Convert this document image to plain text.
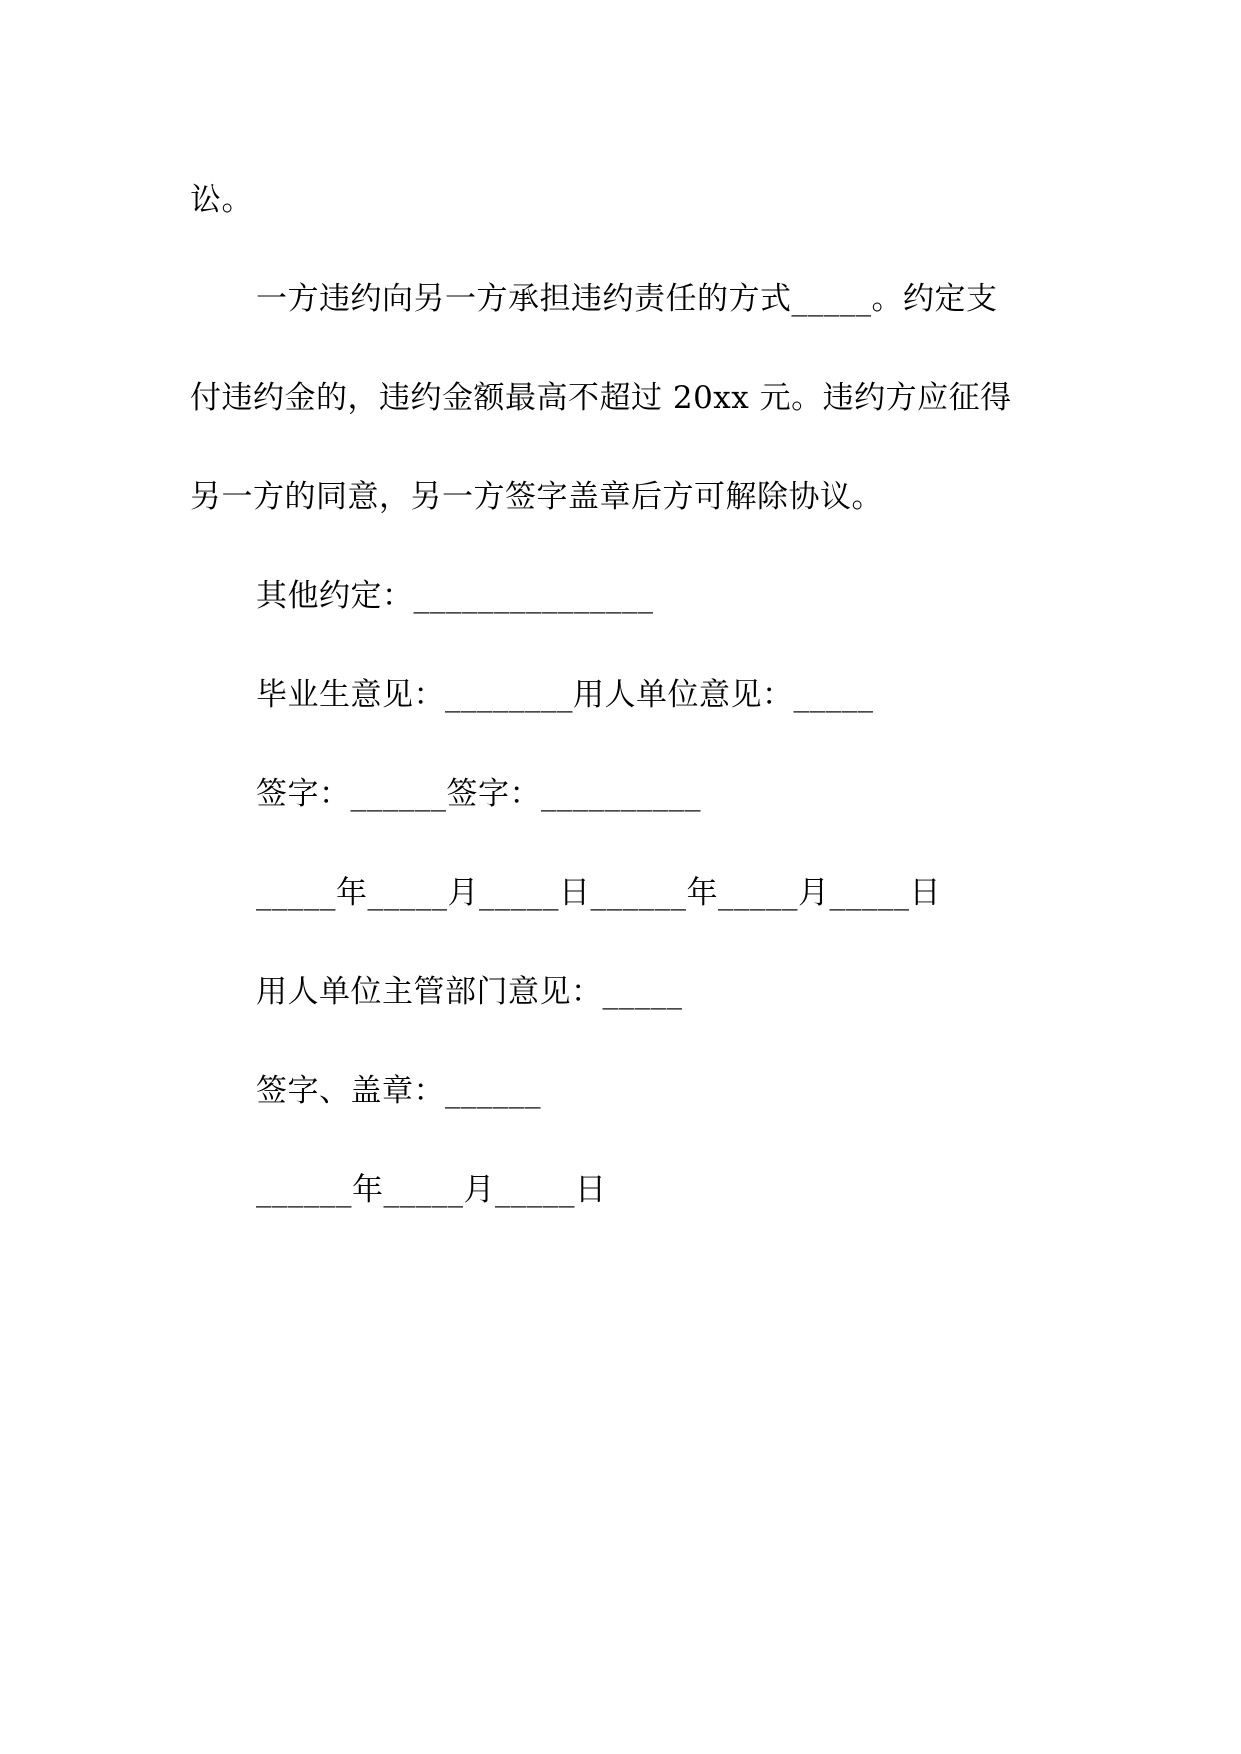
讼。
一方违约向另一方承担违约责任的方式_____。约定支
付违约金的，违约金额最高不超过 20xx 元。违约方应征得
另一方的同意，另一方签字盖章后方可解除协议。
其他约定：_______________
毕业生意见：________用人单位意见：_____
签字：______签字：__________
_____年_____月_____日______年_____月_____日
用人单位主管部门意见：_____
签字、盖章：______
______年_____月_____日
